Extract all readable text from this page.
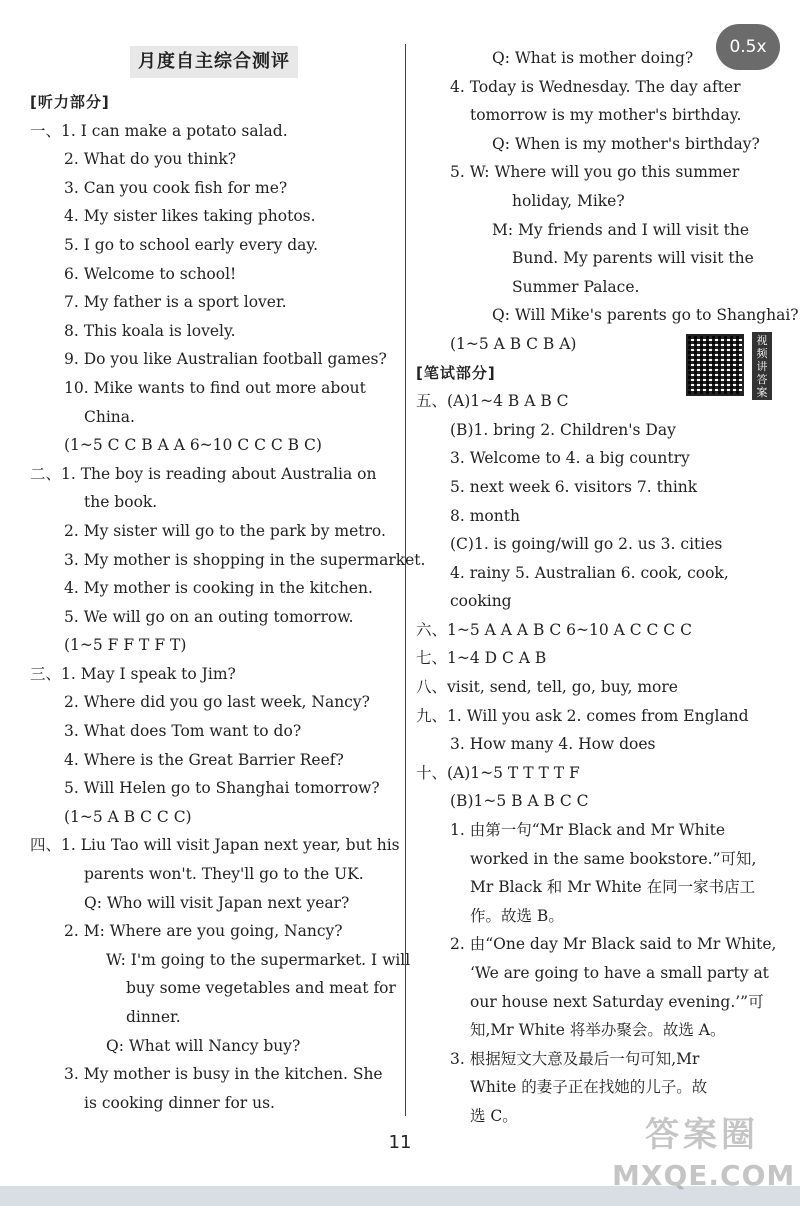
月度自主综合测评
[听力部分]
一、1. I can make a potato salad.
2. What do you think?
3. Can you cook fish for me?
4. My sister likes taking photos.
5. I go to school early every day.
6. Welcome to school!
7. My father is a sport lover.
8. This koala is lovely.
9. Do you like Australian football games?
10. Mike wants to find out more about
China.
(1~5 C C B A A 6~10 C C C B C)
二、1. The boy is reading about Australia on
the book.
2. My sister will go to the park by metro.
3. My mother is shopping in the supermarket.
4. My mother is cooking in the kitchen.
5. We will go on an outing tomorrow.
(1~5 F F T F T)
三、1. May I speak to Jim?
2. Where did you go last week, Nancy?
3. What does Tom want to do?
4. Where is the Great Barrier Reef?
5. Will Helen go to Shanghai tomorrow?
(1~5 A B C C C)
四、1. Liu Tao will visit Japan next year, but his
parents won't. They'll go to the UK.
Q: Who will visit Japan next year?
2. M: Where are you going, Nancy?
W: I'm going to the supermarket. I will
buy some vegetables and meat for
dinner.
Q: What will Nancy buy?
3. My mother is busy in the kitchen. She
is cooking dinner for us.
Q: What is mother doing?
4. Today is Wednesday. The day after
tomorrow is my mother's birthday.
Q: When is my mother's birthday?
5. W: Where will you go this summer
holiday, Mike?
M: My friends and I will visit the
Bund. My parents will visit the
Summer Palace.
Q: Will Mike's parents go to Shanghai?
(1~5 A B C B A)
[笔试部分]
五、(A)1~4 B A B C
(B)1. bring 2. Children's Day
3. Welcome to 4. a big country
5. next week 6. visitors 7. think
8. month
(C)1. is going/will go 2. us 3. cities
4. rainy 5. Australian 6. cook, cook,
cooking
六、1~5 A A A B C 6~10 A C C C C
七、1~4 D C A B
八、visit, send, tell, go, buy, more
九、1. Will you ask 2. comes from England
3. How many 4. How does
十、(A)1~5 T T T T F
(B)1~5 B A B C C
1. 由第一句“Mr Black and Mr White
worked in the same bookstore.”可知,
Mr Black 和 Mr White 在同一家书店工
作。故选 B。
2. 由“One day Mr Black said to Mr White,
‘We are going to have a small party at
our house next Saturday evening.’”可
知,Mr White 将举办聚会。故选 A。
3. 根据短文大意及最后一句可知,Mr
White 的妻子正在找她的儿子。故
选 C。
视频讲答案
0.5x
11	答案圈
MXQE.COM
